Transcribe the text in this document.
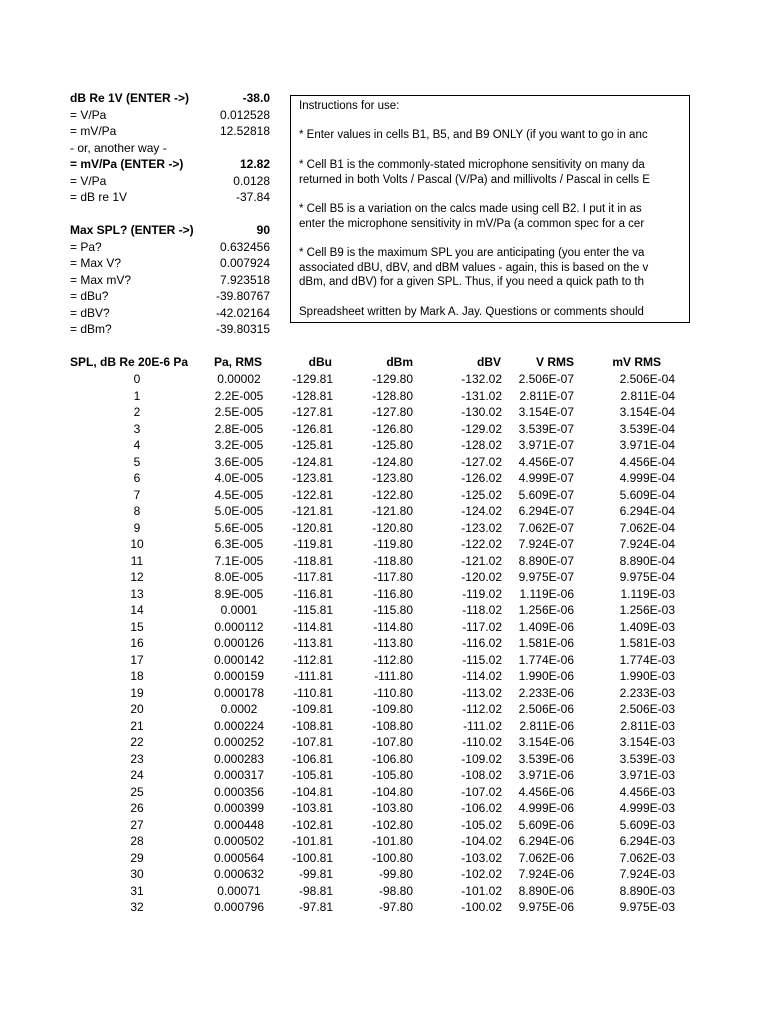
dB Re 1V (ENTER ->)	-38.0
= V/Pa	0.012528
= mV/Pa	12.52818
- or, another way -
= mV/Pa (ENTER ->)	12.82
= V/Pa	0.0128
= dB re 1V	-37.84
Max SPL? (ENTER ->)	90
= Pa?	0.632456
= Max V?	0.007924
= Max mV?	7.923518
= dBu?	-39.80767
= dBV?	-42.02164
= dBm?	-39.80315
Instructions for use:
* Enter values in cells B1, B5, and B9 ONLY (if you want to go in anc
* Cell B1 is the commonly-stated microphone sensitivity on many da
returned in both Volts / Pascal (V/Pa) and millivolts / Pascal in cells E
* Cell B5 is a variation on the calcs made using cell B2. I put it in as
enter the microphone sensitivity in mV/Pa (a common spec for a cer
* Cell B9 is the maximum SPL you are anticipating (you enter the va
associated dBU, dBV, and dBM values - again, this is based on the v
dBm, and dBV) for a given SPL. Thus, if you need a quick path to th
Spreadsheet written by Mark A. Jay. Questions or comments should
SPL, dB Re 20E-6 Pa Pa, RMS	dBu	dBm	dBV	V RMS	mV RMS
0	0.00002	-129.81	-129.80	-132.02 2.506E-07	2.506E-04
1	2.2E-005	-128.81	-128.80	-131.02 2.811E-07	2.811E-04
2	2.5E-005	-127.81	-127.80	-130.02 3.154E-07	3.154E-04
3	2.8E-005	-126.81	-126.80	-129.02 3.539E-07	3.539E-04
4	3.2E-005	-125.81	-125.80	-128.02 3.971E-07	3.971E-04
5	3.6E-005	-124.81	-124.80	-127.02 4.456E-07	4.456E-04
6	4.0E-005	-123.81	-123.80	-126.02 4.999E-07	4.999E-04
7	4.5E-005	-122.81	-122.80	-125.02 5.609E-07	5.609E-04
8	5.0E-005	-121.81	-121.80	-124.02 6.294E-07	6.294E-04
9	5.6E-005	-120.81	-120.80	-123.02 7.062E-07	7.062E-04
10	6.3E-005	-119.81	-119.80	-122.02 7.924E-07	7.924E-04
11	7.1E-005	-118.81	-118.80	-121.02 8.890E-07	8.890E-04
12	8.0E-005	-117.81	-117.80	-120.02 9.975E-07	9.975E-04
13	8.9E-005	-116.81	-116.80	-119.02 1.119E-06	1.119E-03
14	0.0001	-115.81	-115.80	-118.02 1.256E-06	1.256E-03
15	0.000112	-114.81	-114.80	-117.02 1.409E-06	1.409E-03
16	0.000126	-113.81	-113.80	-116.02 1.581E-06	1.581E-03
17	0.000142	-112.81	-112.80	-115.02 1.774E-06	1.774E-03
18	0.000159	-111.81	-111.80	-114.02 1.990E-06	1.990E-03
19	0.000178	-110.81	-110.80	-113.02 2.233E-06	2.233E-03
20	0.0002	-109.81	-109.80	-112.02 2.506E-06	2.506E-03
21	0.000224	-108.81	-108.80	-111.02 2.811E-06	2.811E-03
22	0.000252	-107.81	-107.80	-110.02 3.154E-06	3.154E-03
23	0.000283	-106.81	-106.80	-109.02 3.539E-06	3.539E-03
24	0.000317	-105.81	-105.80	-108.02 3.971E-06	3.971E-03
25	0.000356	-104.81	-104.80	-107.02 4.456E-06	4.456E-03
26	0.000399	-103.81	-103.80	-106.02 4.999E-06	4.999E-03
27	0.000448	-102.81	-102.80	-105.02 5.609E-06	5.609E-03
28	0.000502	-101.81	-101.80	-104.02 6.294E-06	6.294E-03
29	0.000564	-100.81	-100.80	-103.02 7.062E-06	7.062E-03
30	0.000632	-99.81	-99.80	-102.02 7.924E-06	7.924E-03
31	0.00071	-98.81	-98.80	-101.02 8.890E-06	8.890E-03
32	0.000796	-97.81	-97.80	-100.02 9.975E-06	9.975E-03
